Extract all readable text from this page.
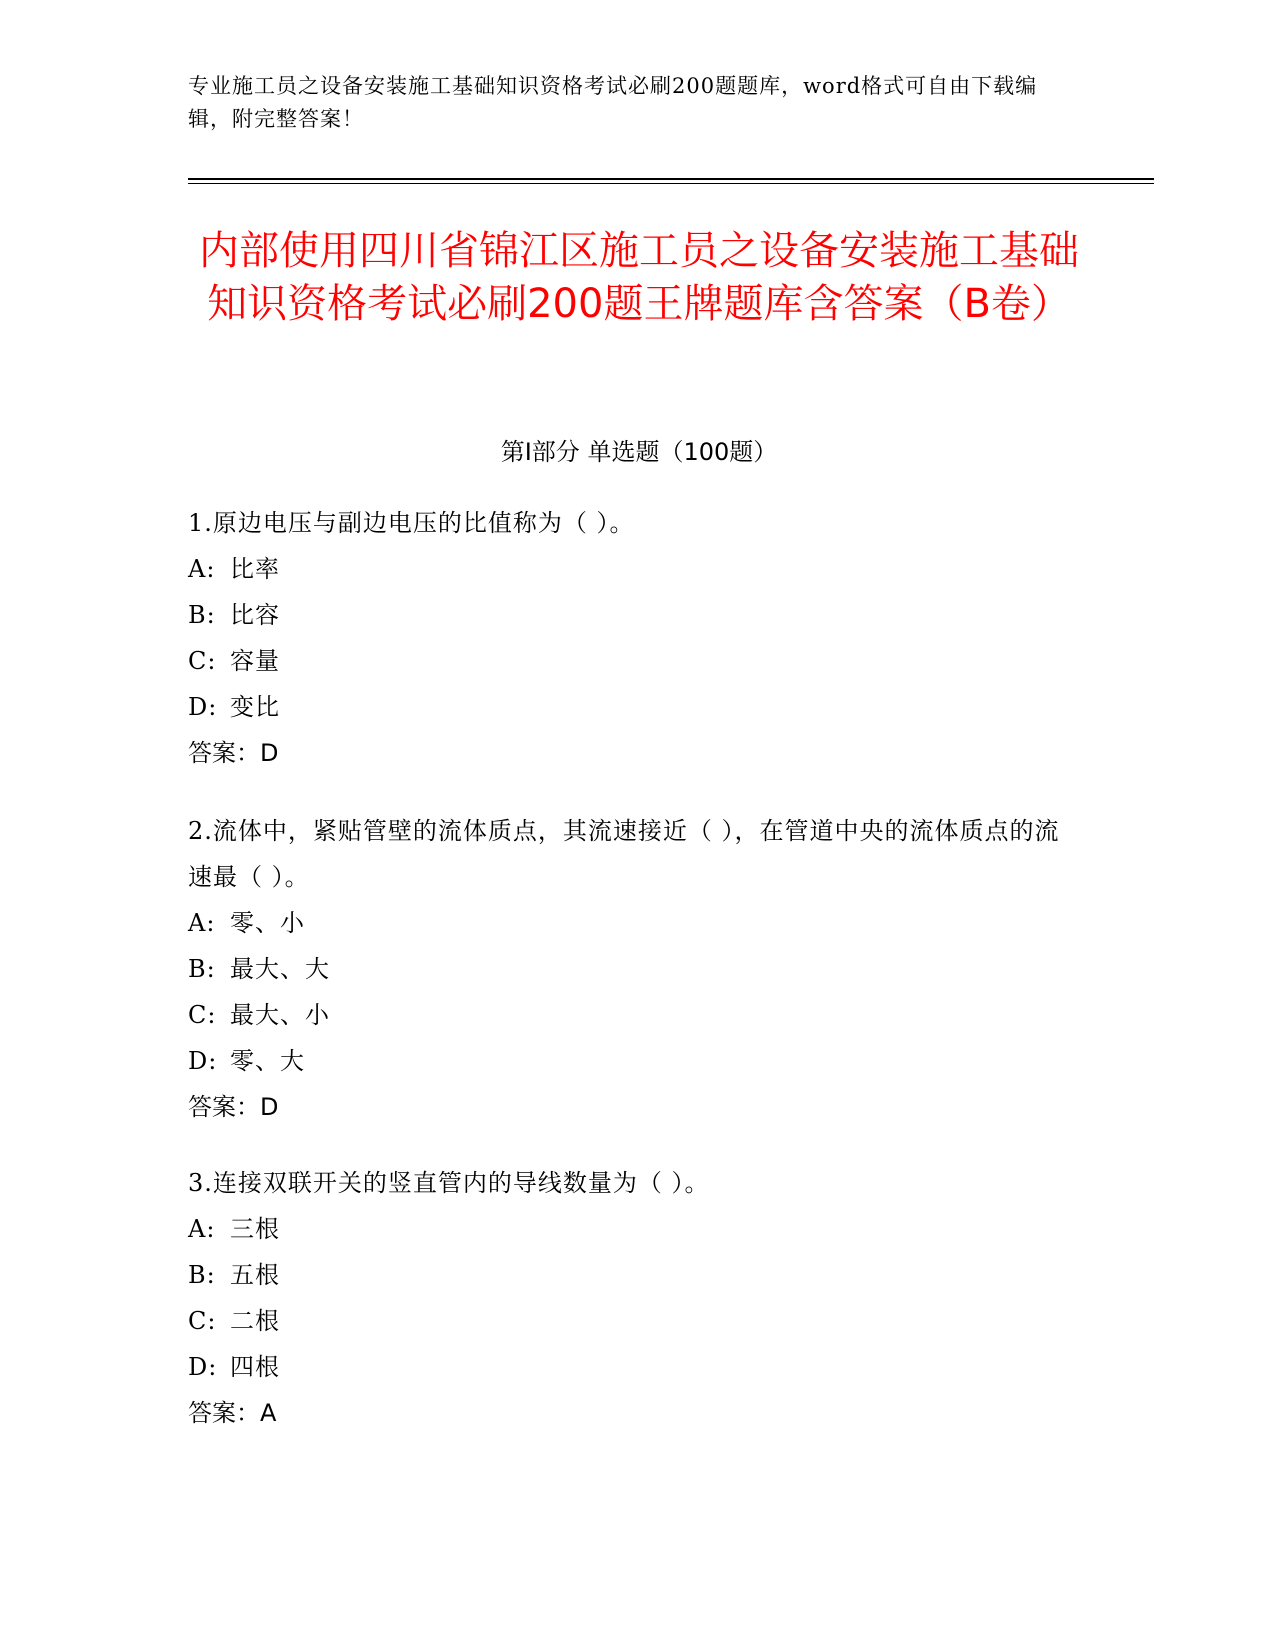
专业施工员之设备安装施工基础知识资格考试必刷200题题库，word格式可自由下载编辑，附完整答案！
内部使用四川省锦江区施工员之设备安装施工基础知识资格考试必刷200题王牌题库含答案（B卷）
第Ⅰ部分 单选题（100题）
1.原边电压与副边电压的比值称为（ ）。
A: 比率
B: 比容
C: 容量
D: 变比
答案：D
2.流体中，紧贴管壁的流体质点，其流速接近（ ），在管道中央的流体质点的流速最（ ）。
A: 零、小
B: 最大、大
C: 最大、小
D: 零、大
答案：D
3.连接双联开关的竖直管内的导线数量为（ ）。
A: 三根
B: 五根
C: 二根
D: 四根
答案：A
